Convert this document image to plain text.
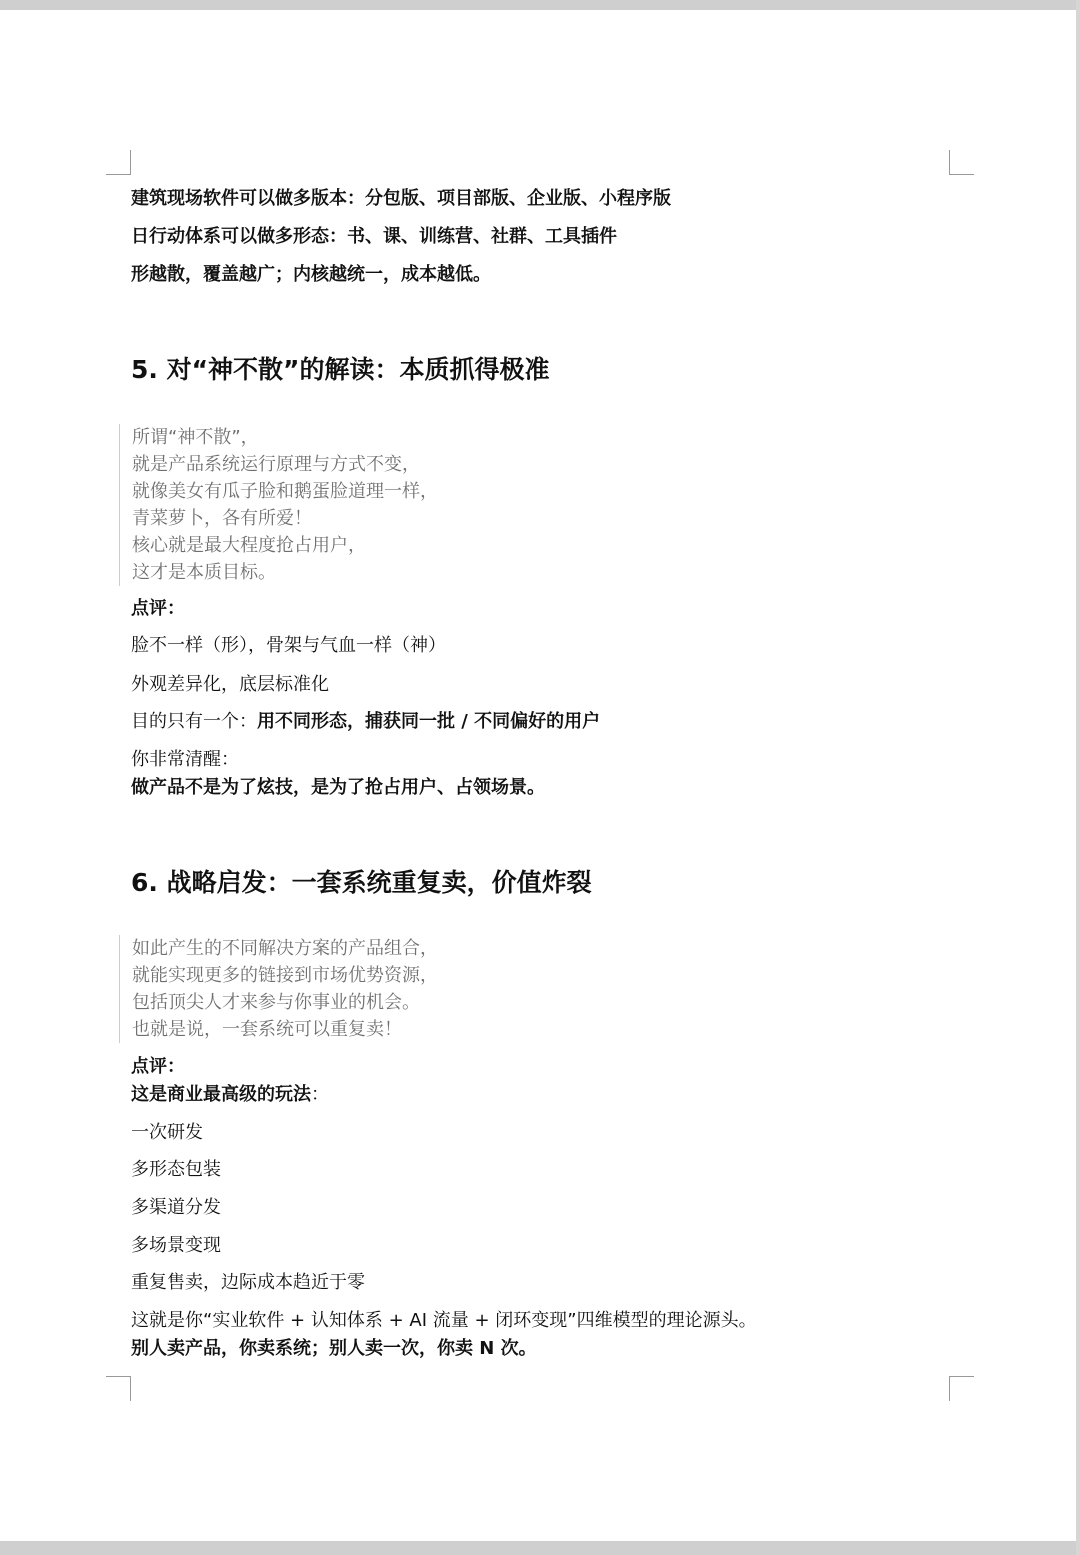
建筑现场软件可以做多版本：分包版、项目部版、企业版、小程序版
日行动体系可以做多形态：书、课、训练营、社群、工具插件
形越散，覆盖越广；内核越统一，成本越低。
5. 对“神不散”的解读：本质抓得极准
所谓“神不散”，
就是产品系统运行原理与方式不变，
就像美女有瓜子脸和鹅蛋脸道理一样，
青菜萝卜，各有所爱！
核心就是最大程度抢占用户，
这才是本质目标。
点评：
脸不一样（形），骨架与气血一样（神）
外观差异化，底层标准化
目的只有一个：用不同形态，捕获同一批 / 不同偏好的用户
你非常清醒：
做产品不是为了炫技，是为了抢占用户、占领场景。
6. 战略启发：一套系统重复卖，价值炸裂
如此产生的不同解决方案的产品组合，
就能实现更多的链接到市场优势资源，
包括顶尖人才来参与你事业的机会。
也就是说，一套系统可以重复卖！
点评：
这是商业最高级的玩法：
一次研发
多形态包装
多渠道分发
多场景变现
重复售卖，边际成本趋近于零
这就是你“实业软件 + 认知体系 + AI 流量 + 闭环变现”四维模型的理论源头。
别人卖产品，你卖系统；别人卖一次，你卖 N 次。
